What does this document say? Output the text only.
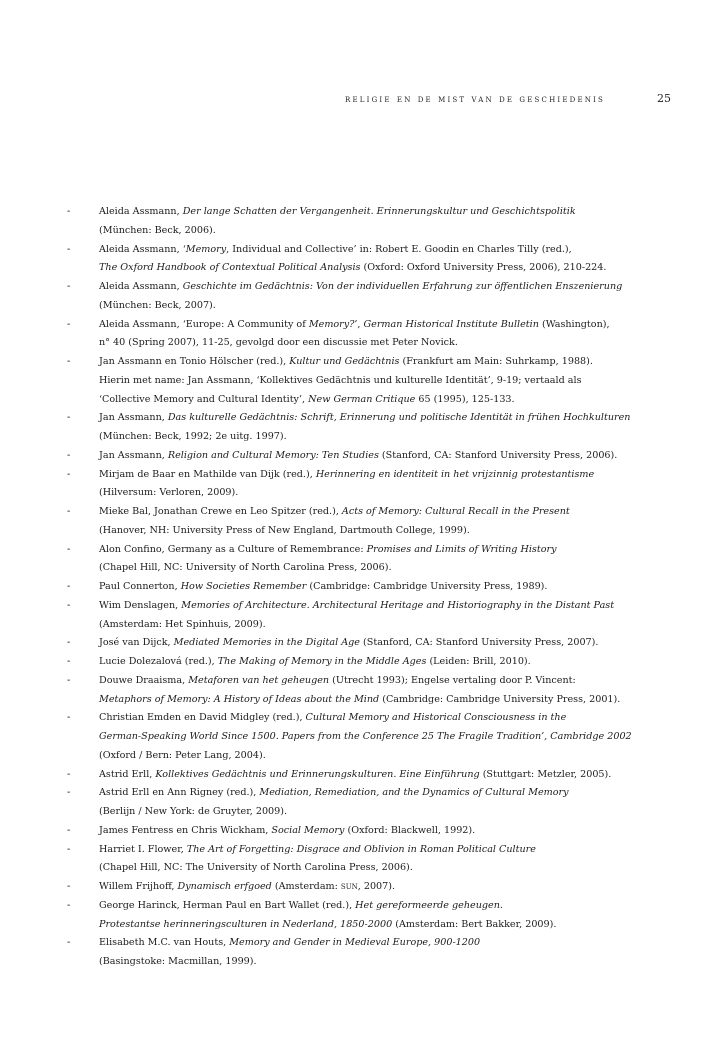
religie en de mist van de geschiedenis	25
-	Aleida Assmann, Der lange Schatten der Vergangenheit. Erinnerungskultur und Geschichtspolitik
(München: Beck, 2006).
-	Aleida Assmann, ‘Memory, Individual and Collective’ in: Robert E. Goodin en Charles Tilly (red.),
The Oxford Handbook of Contextual Political Analysis (Oxford: Oxford University Press, 2006), 210-224.
-	Aleida Assmann, Geschichte im Gedächtnis: Von der individuellen Erfahrung zur öffentlichen Enszenierung
(München: Beck, 2007).
-	Aleida Assmann, ‘Europe: A Community of Memory?’, German Historical Institute Bulletin (Washington),
n° 40 (Spring 2007), 11-25, gevolgd door een discussie met Peter Novick.
-	Jan Assmann en Tonio Hölscher (red.), Kultur und Gedächtnis (Frankfurt am Main: Suhrkamp, 1988).
Hierin met name: Jan Assmann, ‘Kollektives Gedächtnis und kulturelle Identität’, 9-19; vertaald als
‘Collective Memory and Cultural Identity’, New German Critique 65 (1995), 125-133.
-	Jan Assmann, Das kulturelle Gedächtnis: Schrift, Erinnerung und politische Identität in frühen Hochkulturen
(München: Beck, 1992; 2e uitg. 1997).
-	Jan Assmann, Religion and Cultural Memory: Ten Studies (Stanford, CA: Stanford University Press, 2006).
-	Mirjam de Baar en Mathilde van Dijk (red.), Herinnering en identiteit in het vrijzinnig protestantisme
(Hilversum: Verloren, 2009).
-	Mieke Bal, Jonathan Crewe en Leo Spitzer (red.), Acts of Memory: Cultural Recall in the Present
(Hanover, NH: University Press of New England, Dartmouth College, 1999).
-	Alon Confino, Germany as a Culture of Remembrance: Promises and Limits of Writing History
(Chapel Hill, NC: University of North Carolina Press, 2006).
-	Paul Connerton, How Societies Remember (Cambridge: Cambridge University Press, 1989).
-	Wim Denslagen, Memories of Architecture. Architectural Heritage and Historiography in the Distant Past
(Amsterdam: Het Spinhuis, 2009).
-	José van Dijck, Mediated Memories in the Digital Age (Stanford, CA: Stanford University Press, 2007).
-	Lucie Dolezalová (red.), The Making of Memory in the Middle Ages (Leiden: Brill, 2010).
-	Douwe Draaisma, Metaforen van het geheugen (Utrecht 1993); Engelse vertaling door P. Vincent:
Metaphors of Memory: A History of Ideas about the Mind (Cambridge: Cambridge University Press, 2001).
-	Christian Emden en David Midgley (red.), Cultural Memory and Historical Consciousness in the
German-Speaking World Since 1500. Papers from the Conference 25 The Fragile Tradition’, Cambridge 2002
(Oxford / Bern: Peter Lang, 2004).
-	Astrid Erll, Kollektives Gedächtnis und Erinnerungskulturen. Eine Einführung (Stuttgart: Metzler, 2005).
-	Astrid Erll en Ann Rigney (red.), Mediation, Remediation, and the Dynamics of Cultural Memory
(Berlijn / New York: de Gruyter, 2009).
-	James Fentress en Chris Wickham, Social Memory (Oxford: Blackwell, 1992).
-	Harriet I. Flower, The Art of Forgetting: Disgrace and Oblivion in Roman Political Culture
(Chapel Hill, NC: The University of North Carolina Press, 2006).
-	Willem Frijhoff, Dynamisch erfgoed (Amsterdam: sun, 2007).
-	George Harinck, Herman Paul en Bart Wallet (red.), Het gereformeerde geheugen.
Protestantse herinneringsculturen in Nederland, 1850-2000 (Amsterdam: Bert Bakker, 2009).
-	Elisabeth M.C. van Houts, Memory and Gender in Medieval Europe, 900-1200
(Basingstoke: Macmillan, 1999).
